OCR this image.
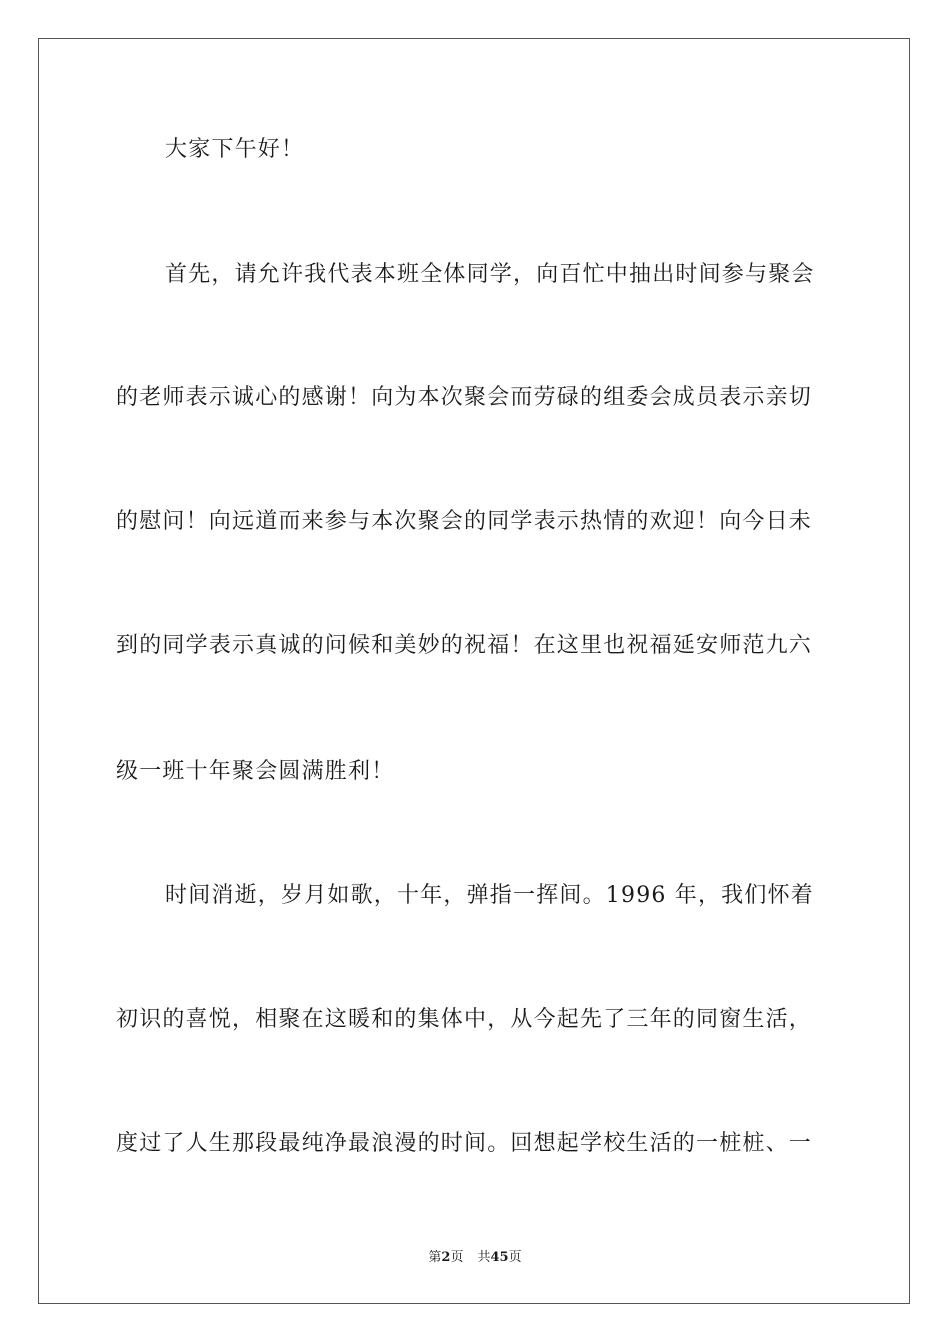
大家下午好！
首先，请允许我代表本班全体同学，向百忙中抽出时间参与聚会
的老师表示诚心的感谢！向为本次聚会而劳碌的组委会成员表示亲切
的慰问！向远道而来参与本次聚会的同学表示热情的欢迎！向今日未
到的同学表示真诚的问候和美妙的祝福！在这里也祝福延安师范九六
级一班十年聚会圆满胜利！
时间消逝，岁月如歌，十年，弹指一挥间。1996 年，我们怀着
初识的喜悦，相聚在这暖和的集体中，从今起先了三年的同窗生活，
度过了人生那段最纯净最浪漫的时间。回想起学校生活的一桩桩、一
第2页 共45页
